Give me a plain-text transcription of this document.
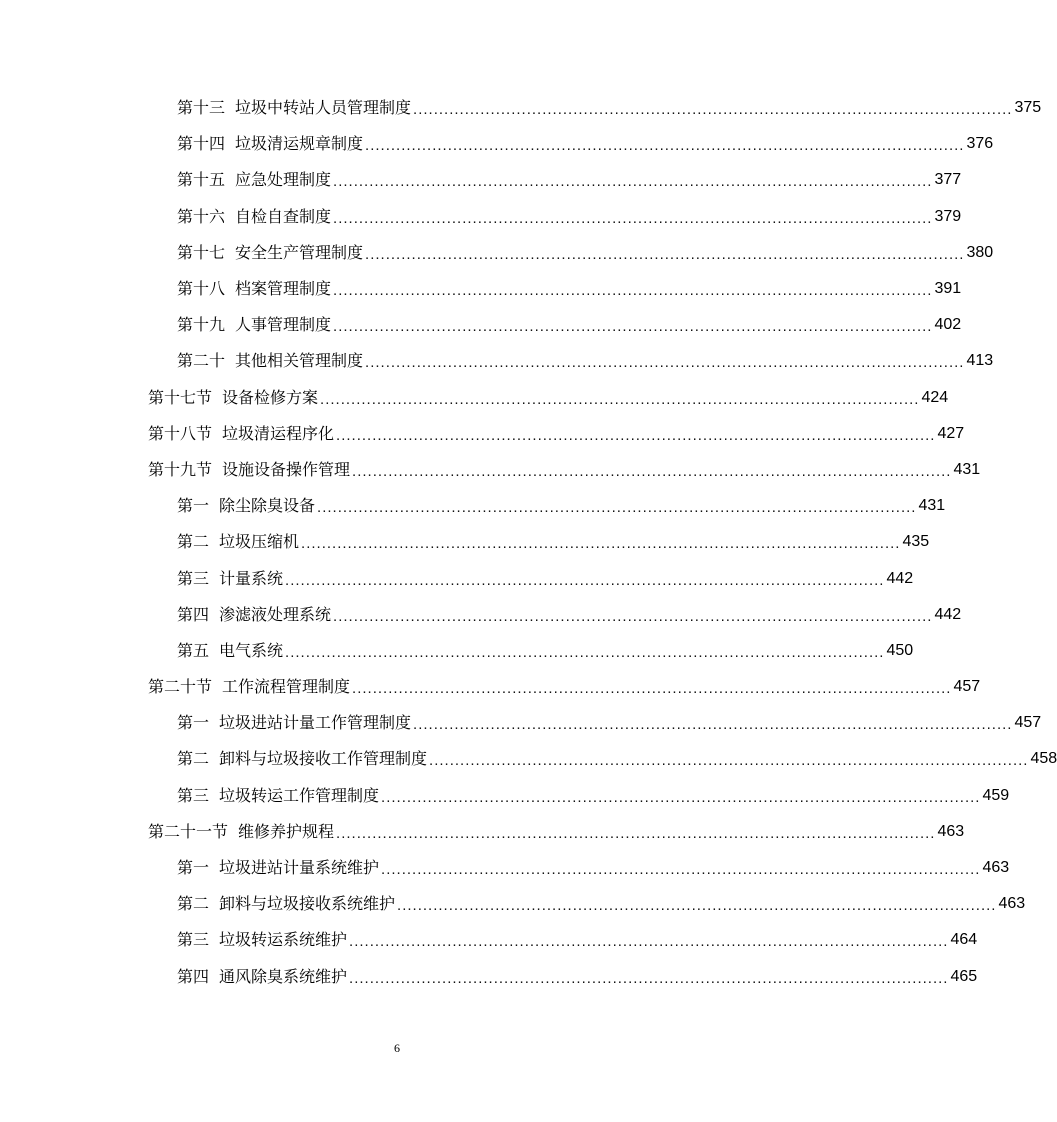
第十三 垃圾中转站人员管理制度 .................................................................................................................... 375
第十四 垃圾清运规章制度 .................................................................................................................... 376
第十五 应急处理制度 .................................................................................................................... 377
第十六 自检自查制度 .................................................................................................................... 379
第十七 安全生产管理制度 .................................................................................................................... 380
第十八 档案管理制度 .................................................................................................................... 391
第十九 人事管理制度 .................................................................................................................... 402
第二十 其他相关管理制度 .................................................................................................................... 413
第十七节 设备检修方案 .................................................................................................................... 424
第十八节 垃圾清运程序化 .................................................................................................................... 427
第十九节 设施设备操作管理 .................................................................................................................... 431
第一 除尘除臭设备 .................................................................................................................... 431
第二 垃圾压缩机 .................................................................................................................... 435
第三 计量系统 .................................................................................................................... 442
第四 渗滤液处理系统 .................................................................................................................... 442
第五 电气系统 .................................................................................................................... 450
第二十节 工作流程管理制度 .................................................................................................................... 457
第一 垃圾进站计量工作管理制度 .................................................................................................................... 457
第二 卸料与垃圾接收工作管理制度 .................................................................................................................... 458
第三 垃圾转运工作管理制度 .................................................................................................................... 459
第二十一节 维修养护规程 .................................................................................................................... 463
第一 垃圾进站计量系统维护 .................................................................................................................... 463
第二 卸料与垃圾接收系统维护 .................................................................................................................... 463
第三 垃圾转运系统维护 .................................................................................................................... 464
第四 通风除臭系统维护 .................................................................................................................... 465
6
